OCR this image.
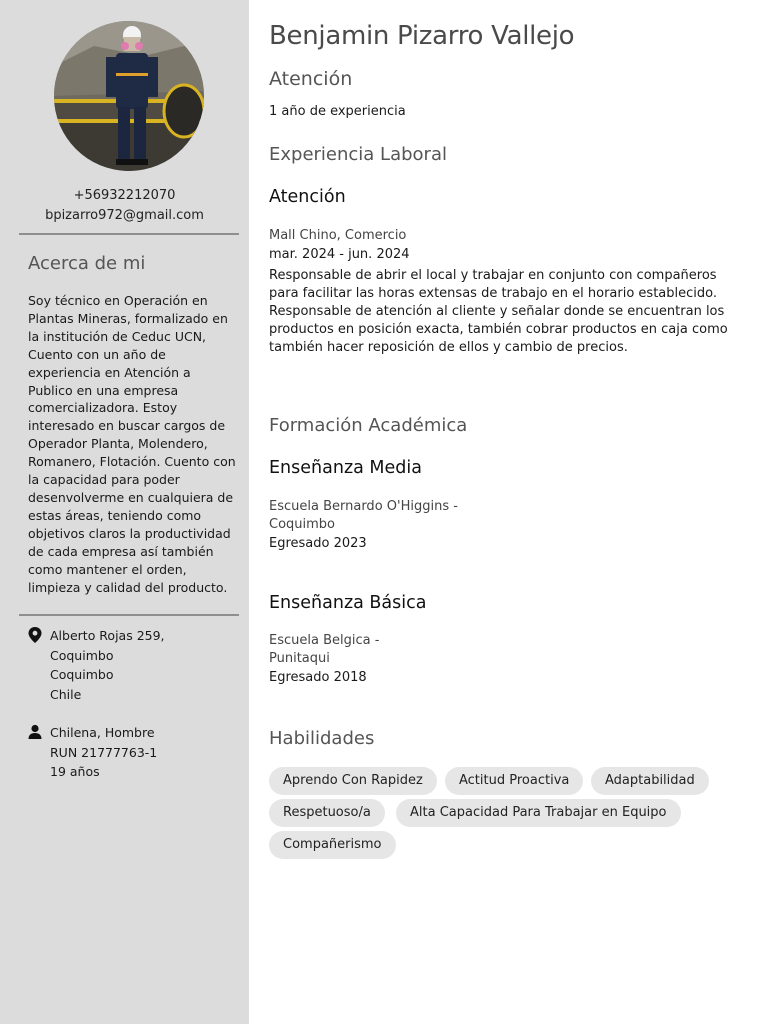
+56932212070
bpizarro972@gmail.com
Acerca de mi
Soy técnico en Operación en Plantas Mineras, formalizado en la institución de Ceduc UCN, Cuento con un año de experiencia en Atención a Publico en una empresa comercializadora. Estoy interesado en buscar cargos de Operador Planta, Molendero, Romanero, Flotación. Cuento con la capacidad para poder desenvolverme en cualquiera de estas áreas, teniendo como objetivos claros la productividad de cada empresa así también como mantener el orden, limpieza y calidad del producto.
Alberto Rojas 259,
Coquimbo
Coquimbo
Chile
Chilena, Hombre
RUN 21777763-1
19 años
Benjamin Pizarro Vallejo
Atención
1 año de experiencia
Experiencia Laboral
Atención
Mall Chino, Comercio
mar. 2024 - jun. 2024
Responsable de abrir el local y trabajar en conjunto con compañeros para facilitar las horas extensas de trabajo en el horario establecido. Responsable de atención al cliente y señalar donde se encuentran los productos en posición exacta, también cobrar productos en caja como también hacer reposición de ellos y cambio de precios.
Formación Académica
Enseñanza Media
Escuela Bernardo O'Higgins -
Coquimbo
Egresado 2023
Enseñanza Básica
Escuela Belgica -
Punitaqui
Egresado 2018
Habilidades
Aprendo Con Rapidez	Actitud Proactiva	Adaptabilidad
Respetuoso/a	Alta Capacidad Para Trabajar en Equipo
Compañerismo
